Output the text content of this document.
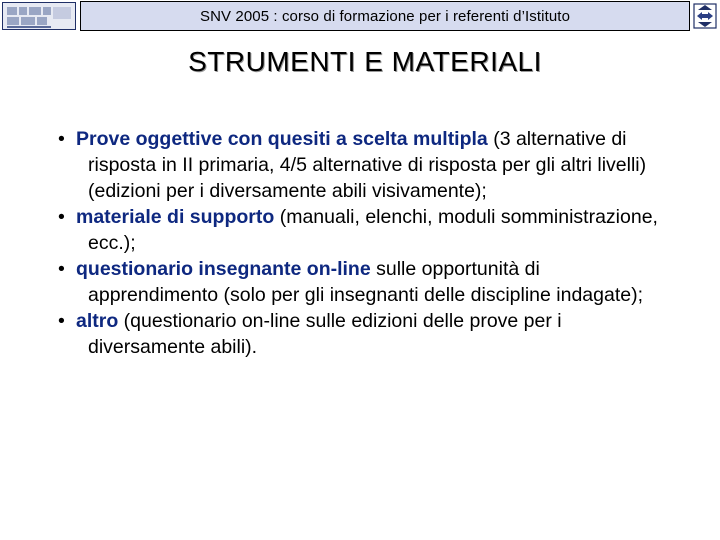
SNV 2005 : corso di formazione per i referenti d’Istituto
STRUMENTI E MATERIALI

• Prove oggettive con quesiti a scelta multipla (3 alternative di risposta in II primaria, 4/5 alternative di risposta per gli altri livelli) (edizioni per i diversamente abili visivamente);

• materiale di supporto (manuali, elenchi, moduli somministrazione, ecc.);

• questionario insegnante on-line sulle opportunità di apprendimento (solo per gli insegnanti delle discipline indagate);

• altro (questionario on-line sulle edizioni delle prove per i diversamente abili).
